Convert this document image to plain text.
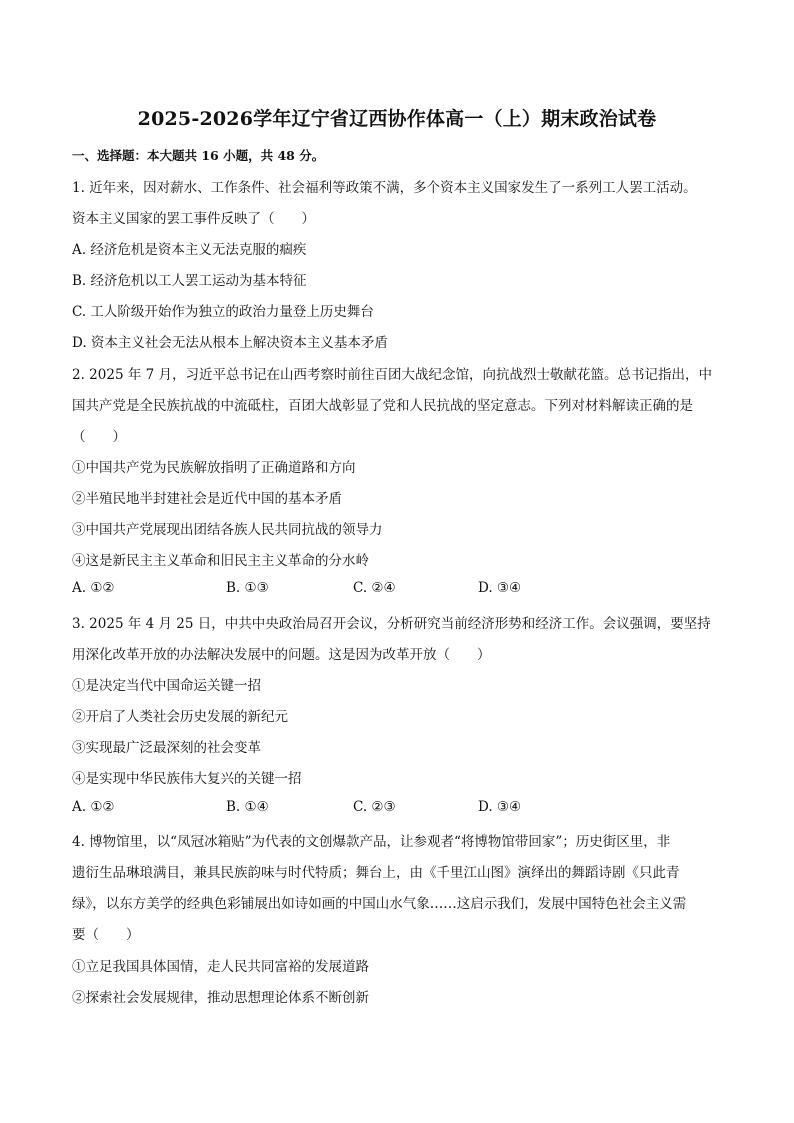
2025-2026学年辽宁省辽西协作体高一（上）期末政治试卷
一、选择题：本大题共 16 小题，共 48 分。
1. 近年来，因对薪水、工作条件、社会福利等政策不满，多个资本主义国家发生了一系列工人罢工活动。
资本主义国家的罢工事件反映了（　　）
A. 经济危机是资本主义无法克服的痼疾
B. 经济危机以工人罢工运动为基本特征
C. 工人阶级开始作为独立的政治力量登上历史舞台
D. 资本主义社会无法从根本上解决资本主义基本矛盾
2. 2025 年 7 月，习近平总书记在山西考察时前往百团大战纪念馆，向抗战烈士敬献花篮。总书记指出，中
国共产党是全民族抗战的中流砥柱，百团大战彰显了党和人民抗战的坚定意志。下列对材料解读正确的是
（　　）
①中国共产党为民族解放指明了正确道路和方向
②半殖民地半封建社会是近代中国的基本矛盾
③中国共产党展现出团结各族人民共同抗战的领导力
④这是新民主主义革命和旧民主主义革命的分水岭
A. ①②	B. ①③	C. ②④	D. ③④
3. 2025 年 4 月 25 日，中共中央政治局召开会议，分析研究当前经济形势和经济工作。会议强调，要坚持
用深化改革开放的办法解决发展中的问题。这是因为改革开放（　　）
①是决定当代中国命运关键一招
②开启了人类社会历史发展的新纪元
③实现最广泛最深刻的社会变革
④是实现中华民族伟大复兴的关键一招
A. ①②	B. ①④	C. ②③	D. ③④
4. 博物馆里，以“凤冠冰箱贴”为代表的文创爆款产品，让参观者“将博物馆带回家”；历史街区里，非
遗衍生品琳琅满目，兼具民族韵味与时代特质；舞台上，由《千里江山图》演绎出的舞蹈诗剧《只此青
绿》，以东方美学的经典色彩铺展出如诗如画的中国山水气象……这启示我们，发展中国特色社会主义需
要（　　）
①立足我国具体国情，走人民共同富裕的发展道路
②探索社会发展规律，推动思想理论体系不断创新
